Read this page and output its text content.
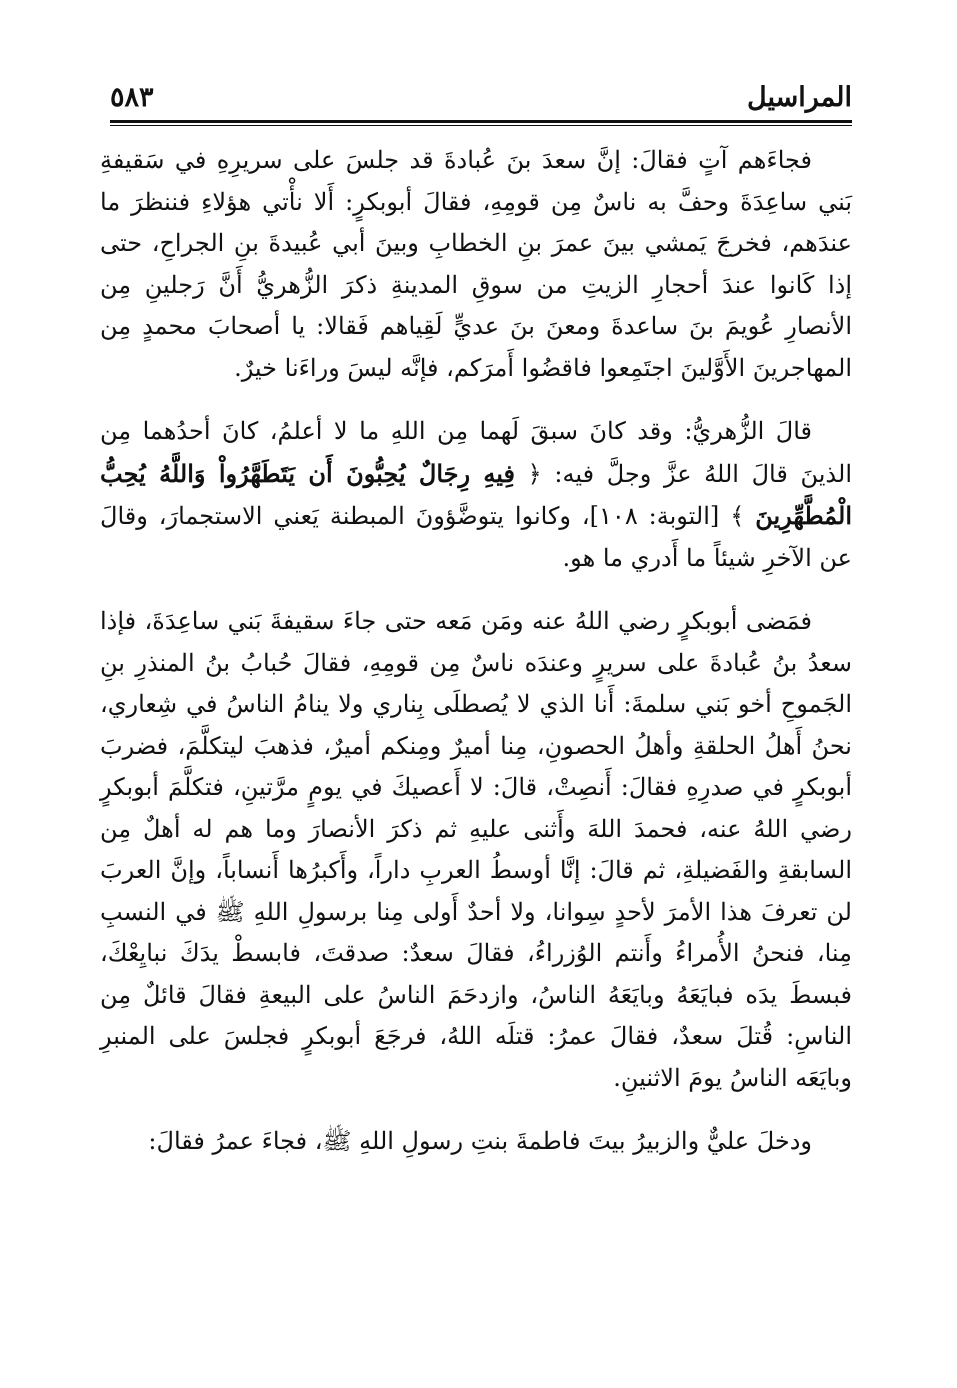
المراسيل
٥٨٣

فجاءَهم آتٍ فقالَ: إنَّ سعدَ بنَ عُبادةَ قد جلسَ على سريرِهِ في سَقيفةِ بَني ساعِدَةَ وحفَّ به ناسٌ مِن قومِهِ، فقالَ أبوبكرٍ: أَلا نأْتي هؤلاءِ فننظرَ ما عندَهم، فخرجَ يَمشي بينَ عمرَ بنِ الخطابِ وبينَ أبي عُبيدةَ بنِ الجراحِ، حتى إذا كَانوا عندَ أحجارِ الزيتِ من سوقِ المدينةِ ذكرَ الزُّهريُّ أَنَّ رَجلينِ مِن الأنصارِ عُويمَ بنَ ساعدةَ ومعنَ بنَ عديٍّ لَقِياهم فَقالا: يا أصحابَ محمدٍ مِن المهاجرينَ الأَوَّلينَ اجتَمِعوا فاقضُوا أَمرَكم، فإنَّه ليسَ وراءَنا خيرٌ.

قالَ الزُّهريُّ: وقد كانَ سبقَ لَهما مِن اللهِ ما لا أعلمُ، كانَ أحدُهما مِن الذينَ قالَ اللهُ عزَّ وجلَّ فيه: ﴿ فِيهِ رِجَالٌ يُحِبُّونَ أَن يَتَطَهَّرُواْ وَاللَّهُ يُحِبُّ الْمُطَّهِّرِينَ ﴾ [التوبة: ١٠٨]، وكانوا يتوضَّؤونَ المبطنة يَعني الاستجمارَ، وقالَ عن الآخرِ شيئاً ما أَدري ما هو.

فمَضى أبوبكرٍ رضي اللهُ عنه ومَن مَعه حتى جاءَ سقيفةَ بَني ساعِدَةَ، فإذا سعدُ بنُ عُبادةَ على سريرٍ وعندَه ناسٌ مِن قومِهِ، فقالَ حُبابُ بنُ المنذرِ بنِ الجَموحِ أخو بَني سلمةَ: أَنا الذي لا يُصطلَى بِناري ولا ينامُ الناسُ في شِعاري، نحنُ أَهلُ الحلقةِ وأهلُ الحصونِ، مِنا أميرٌ ومِنكم أميرٌ، فذهبَ ليتكلَّمَ، فضربَ أبوبكرٍ في صدرِهِ فقالَ: أَنصِتْ، قالَ: لا أَعصيكَ في يومٍ مرَّتينِ، فتكلَّمَ أبوبكرٍ رضي اللهُ عنه، فحمدَ اللهَ وأَثنى عليهِ ثم ذكرَ الأنصارَ وما هم له أهلٌ مِن السابقةِ والفَضيلةِ، ثم قالَ: إنَّا أوسطُ العربِ داراً، وأَكبرُها أَنساباً، وإنَّ العربَ لن تعرفَ هذا الأمرَ لأحدٍ سِوانا، ولا أحدٌ أَولى مِنا برسولِ اللهِ ﷺ في النسبِ مِنا، فنحنُ الأُمراءُ وأَنتم الوُزراءُ، فقالَ سعدٌ: صدقتَ، فابسطْ يدَكَ نبايِعْكَ، فبسطَ يدَه فبايَعَهُ وبايَعَهُ الناسُ، وازدحَمَ الناسُ على البيعةِ فقالَ قائلٌ مِن الناسِ: قُتلَ سعدٌ، فقالَ عمرُ: قتلَه اللهُ، فرجَعَ أبوبكرٍ فجلسَ على المنبرِ وبايَعَه الناسُ يومَ الاثنينِ.

ودخلَ عليٌّ والزبيرُ بيتَ فاطمةَ بنتِ رسولِ اللهِ ﷺ، فجاءَ عمرُ فقالَ:
